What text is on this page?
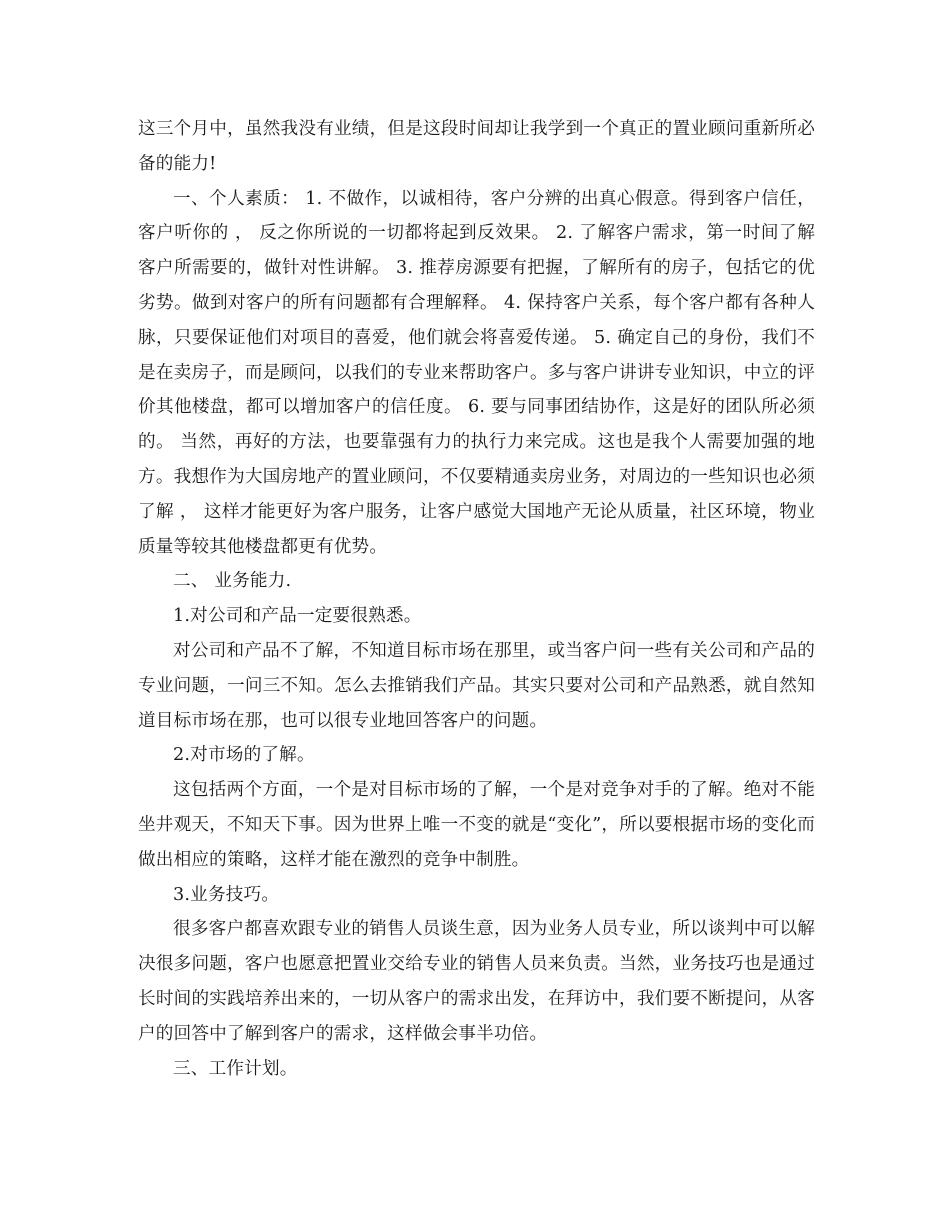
这三个月中，虽然我没有业绩，但是这段时间却让我学到一个真正的置业顾问重新所必备的能力!

一、个人素质： 1. 不做作，以诚相待，客户分辨的出真心假意。得到客户信任，客户听你的 ， 反之你所说的一切都将起到反效果。 2. 了解客户需求，第一时间了解客户所需要的，做针对性讲解。 3. 推荐房源要有把握，了解所有的房子，包括它的优劣势。做到对客户的所有问题都有合理解释。 4. 保持客户关系，每个客户都有各种人脉，只要保证他们对项目的喜爱，他们就会将喜爱传递。 5. 确定自己的身份，我们不是在卖房子，而是顾问，以我们的专业来帮助客户。多与客户讲讲专业知识，中立的评价其他楼盘，都可以增加客户的信任度。 6. 要与同事团结协作，这是好的团队所必须的。 当然，再好的方法，也要靠强有力的执行力来完成。这也是我个人需要加强的地方。我想作为大国房地产的置业顾问，不仅要精通卖房业务，对周边的一些知识也必须了解 ， 这样才能更好为客户服务，让客户感觉大国地产无论从质量，社区环境，物业质量等较其他楼盘都更有优势。

二、 业务能力.

1.对公司和产品一定要很熟悉。

对公司和产品不了解，不知道目标市场在那里，或当客户问一些有关公司和产品的专业问题，一问三不知。怎么去推销我们产品。其实只要对公司和产品熟悉，就自然知道目标市场在那，也可以很专业地回答客户的问题。

2.对市场的了解。

这包括两个方面，一个是对目标市场的了解，一个是对竞争对手的了解。绝对不能坐井观天，不知天下事。因为世界上唯一不变的就是“变化”，所以要根据市场的变化而做出相应的策略，这样才能在激烈的竞争中制胜。

3.业务技巧。

很多客户都喜欢跟专业的销售人员谈生意，因为业务人员专业，所以谈判中可以解决很多问题，客户也愿意把置业交给专业的销售人员来负责。当然，业务技巧也是通过长时间的实践培养出来的，一切从客户的需求出发，在拜访中，我们要不断提问，从客户的回答中了解到客户的需求，这样做会事半功倍。

三、工作计划。
